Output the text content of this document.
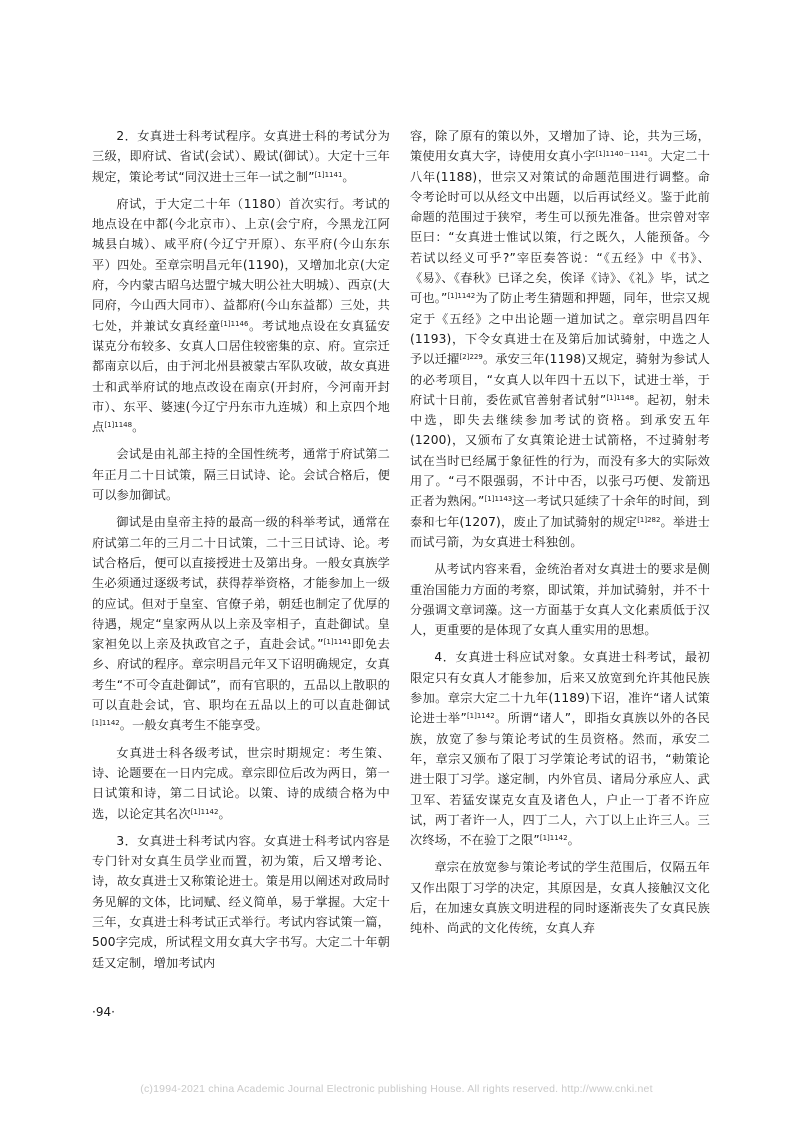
2．女真进士科考试程序。女真进士科的考试分为三级，即府试、省试(会试）、殿试(御试）。大定十三年规定，策论考试“同汉进士三年一试之制”$^{[1]1141}$。

府试，于大定二十年（1180）首次实行。考试的地点设在中都(今北京市）、上京(会宁府，今黑龙江阿城县白城）、咸平府(今辽宁开原）、东平府(今山东东平）四处。至章宗明昌元年(1190)，又增加北京(大定府，今内蒙古昭乌达盟宁城大明公社大明城）、西京(大同府，今山西大同市）、益都府(今山东益都）三处，共七处，并兼试女真经童$^{[1]1146}$。考试地点设在女真猛安谋克分布较多、女真人口居住较密集的京、府。宣宗迁都南京以后，由于河北州县被蒙古军队攻破，故女真进士和武举府试的地点改设在南京(开封府，今河南开封市）、东平、婆速(今辽宁丹东市九连城）和上京四个地点$^{[1]1148}$。

会试是由礼部主持的全国性统考，通常于府试第二年正月二十日试策，隔三日试诗、论。会试合格后，便可以参加御试。

御试是由皇帝主持的最高一级的科举考试，通常在府试第二年的三月二十日试策，二十三日试诗、论。考试合格后，便可以直接授进士及第出身。一般女真族学生必须通过逐级考试，获得荐举资格，才能参加上一级的应试。但对于皇室、官僚子弟，朝廷也制定了优厚的待遇，规定“皇家两从以上亲及宰相子，直赴御试。皇家袒免以上亲及执政官之子，直赴会试。”$^{[1]1141}$即免去乡、府试的程序。章宗明昌元年又下诏明确规定，女真考生“不可令直赴御试”，而有官职的，五品以上散职的可以直赴会试，官、职均在五品以上的可以直赴御试$^{[1]1142}$。一般女真考生不能享受。

女真进士科各级考试，世宗时期规定：考生策、诗、论题要在一日内完成。章宗即位后改为两日，第一日试策和诗，第二日试论。以策、诗的成绩合格为中选，以论定其名次$^{[1]1142}$。

3．女真进士科考试内容。女真进士科考试内容是专门针对女真生员学业而置，初为策，后又增考论、诗，故女真进士又称策论进士。策是用以阐述对政局时务见解的文体，比词赋、经义简单，易于掌握。大定十三年，女真进士科考试正式举行。考试内容试策一篇，500字完成，所试程文用女真大字书写。大定二十年朝廷又定制，增加考试内

容，除了原有的策以外，又增加了诗、论，共为三场，策使用女真大字，诗使用女真小字$^{[1]1140-1141}$。大定二十八年(1188)，世宗又对策试的命题范围进行调整。命令考论时可以从经文中出题，以后再试经义。鉴于此前命题的范围过于狭窄，考生可以预先准备。世宗曾对宰臣曰：“女真进士惟试以策，行之既久，人能预备。今若试以经义可乎?”宰臣奏答说：“《五经》中《书》、《易》、《春秋》已译之矣，俟译《诗》、《礼》毕，试之可也。”$^{[1]1142}$为了防止考生猜题和押题，同年，世宗又规定于《五经》之中出论题一道加试之。章宗明昌四年(1193)，下令女真进士在及第后加试骑射，中选之人予以迁擢$^{[2]229}$。承安三年(1198)又规定，骑射为参试人的必考项目，“女真人以年四十五以下，试进士举，于府试十日前，委佐贰官善射者试射”$^{[1]1148}$。起初，射未中选，即失去继续参加考试的资格。到承安五年(1200)，又颁布了女真策论进士试箭格，不过骑射考试在当时已经属于象征性的行为，而没有多大的实际效用了。“弓不限强弱，不计中否，以张弓巧便、发箭迅正者为熟闲。”$^{[1]1143}$这一考试只延续了十余年的时间，到泰和七年(1207)，废止了加试骑射的规定$^{[1]282}$。举进士而试弓箭，为女真进士科独创。

从考试内容来看，金统治者对女真进士的要求是侧重治国能力方面的考察，即试策，并加试骑射，并不十分强调文章词藻。这一方面基于女真人文化素质低于汉人，更重要的是体现了女真人重实用的思想。

4．女真进士科应试对象。女真进士科考试，最初限定只有女真人才能参加，后来又放宽到允许其他民族参加。章宗大定二十九年(1189)下诏，准许“诸人试策论进士举”$^{[1]1142}$。所谓“诸人”，即指女真族以外的各民族，放宽了参与策论考试的生员资格。然而，承安二年，章宗又颁布了限丁习学策论考试的诏书，“勅策论进士限丁习学。遂定制，内外官员、诸局分承应人、武卫军、若猛安谋克女直及诸色人，户止一丁者不许应试，两丁者许一人，四丁二人，六丁以上止许三人。三次终场，不在验丁之限”$^{[1]1142}$。

章宗在放宽参与策论考试的学生范围后，仅隔五年又作出限丁习学的决定，其原因是，女真人接触汉文化后，在加速女真族文明进程的同时逐渐丧失了女真民族纯朴、尚武的文化传统，女真人弃

·94·
(c)1994-2021 china Academic Journal Electronic publishing House. All rights reserved. http://www.cnki.net
